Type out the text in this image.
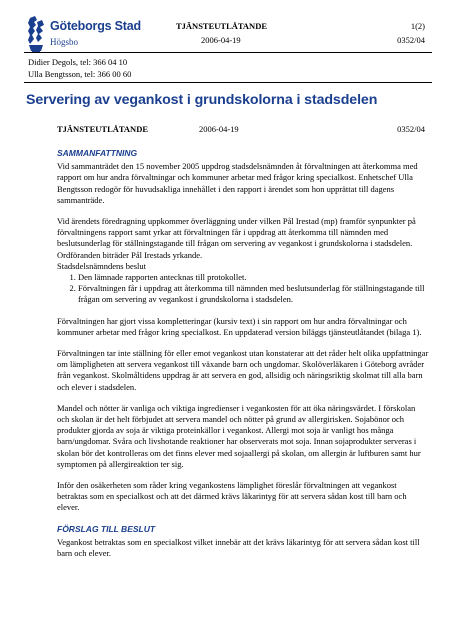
Göteborgs Stad
Högsbo
TJÄNSTEUTLÅTANDE
2006-04-19
1(2)
0352/04
Didier Degols, tel: 366 04 10
Ulla Bengtsson, tel: 366 00 60
Servering av vegankost i grundskolorna i stadsdelen
TJÄNSTEUTLÅTANDE	2006-04-19	0352/04
SAMMANFATTNING

Vid sammanträdet den 15 november 2005 uppdrog stadsdelsnämnden åt förvaltningen att återkomma med rapport om hur andra förvaltningar och kommuner arbetar med frågor kring specialkost. Enhetschef Ulla Bengtsson redogör för huvudsakliga innehållet i den rapport i ärendet som hon upprättat till dagens sammanträde.

Vid ärendets föredragning uppkommer överläggning under vilken Pål Irestad (mp) framför synpunkter på förvaltningens rapport samt yrkar att förvaltningen får i uppdrag att återkomma till nämnden med beslutsunderlag för ställningstagande till frågan om servering av vegankost i grundskolorna i stadsdelen. Ordföranden biträder Pål Irestads yrkande.

Stadsdelsnämndens beslut
1. Den lämnade rapporten antecknas till protokollet.
2. Förvaltningen får i uppdrag att återkomma till nämnden med beslutsunderlag för ställningstagande till frågan om servering av vegankost i grundskolorna i stadsdelen.

Förvaltningen har gjort vissa kompletteringar (kursiv text) i sin rapport om hur andra förvaltningar och kommuner arbetar med frågor kring specialkost. En uppdaterad version biläggs tjänsteutlåtandet (bilaga 1).

Förvaltningen tar inte ställning för eller emot vegankost utan konstaterar att det råder helt olika uppfattningar om lämpligheten att servera vegankost till växande barn och ungdomar. Skolöverläkaren i Göteborg avråder från vegankost. Skolmåltidens uppdrag är att servera en god, allsidig och näringsriktig skolmat till alla barn och elever i stadsdelen.

Mandel och nötter är vanliga och viktiga ingredienser i vegankosten för att öka näringsvärdet. I förskolan och skolan är det helt förbjudet att servera mandel och nötter på grund av allergirisken. Sojabönor och produkter gjorda av soja är viktiga proteinkällor i vegankost. Allergi mot soja är vanligt hos många barn/ungdomar. Svåra och livshotande reaktioner har observerats mot soja. Innan sojaprodukter serveras i skolan bör det kontrolleras om det finns elever med sojaallergi på skolan, om allergin är luftburen samt hur symptomen på allergireaktion ter sig.

Inför den osäkerheten som råder kring vegankostens lämplighet föreslår förvaltningen att vegankost betraktas som en specialkost och att det därmed krävs läkarintyg för att servera sådan kost till barn och elever.

FÖRSLAG TILL BESLUT

Vegankost betraktas som en specialkost vilket innebär att det krävs läkarintyg för att servera sådan kost till barn och elever.
